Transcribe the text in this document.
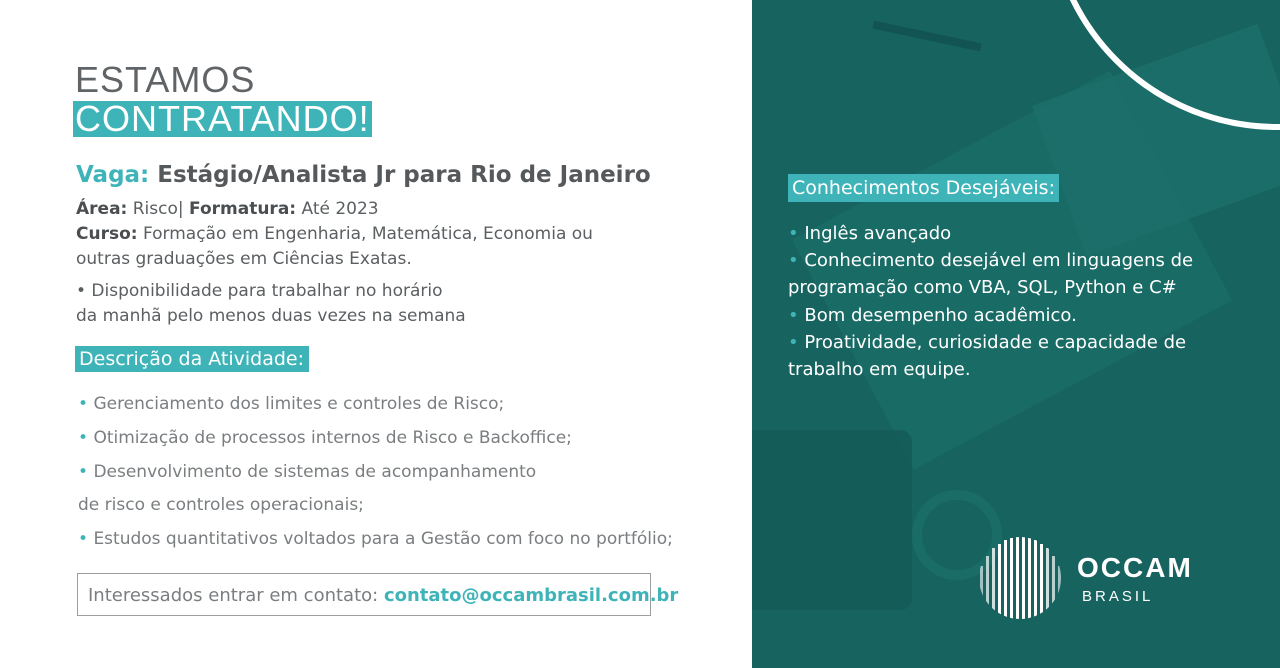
ESTAMOS
CONTRATANDO!
Vaga: Estágio/Analista Jr para Rio de Janeiro
Área: Risco| Formatura: Até 2023
Curso: Formação em Engenharia, Matemática, Economia ou
outras graduações em Ciências Exatas.
• Disponibilidade para trabalhar no horário
da manhã pelo menos duas vezes na semana
Descrição da Atividade:
• Gerenciamento dos limites e controles de Risco;
• Otimização de processos internos de Risco e Backoffice;
• Desenvolvimento de sistemas de acompanhamento
de risco e controles operacionais;
• Estudos quantitativos voltados para a Gestão com foco no portfólio;
Interessados entrar em contato: contato@occambrasil.com.br
Conhecimentos Desejáveis:
• Inglês avançado
• Conhecimento desejável em linguagens de
programação como VBA, SQL, Python e C#
• Bom desempenho acadêmico.
• Proatividade, curiosidade e capacidade de
trabalho em equipe.
OCCAM
BRASIL
